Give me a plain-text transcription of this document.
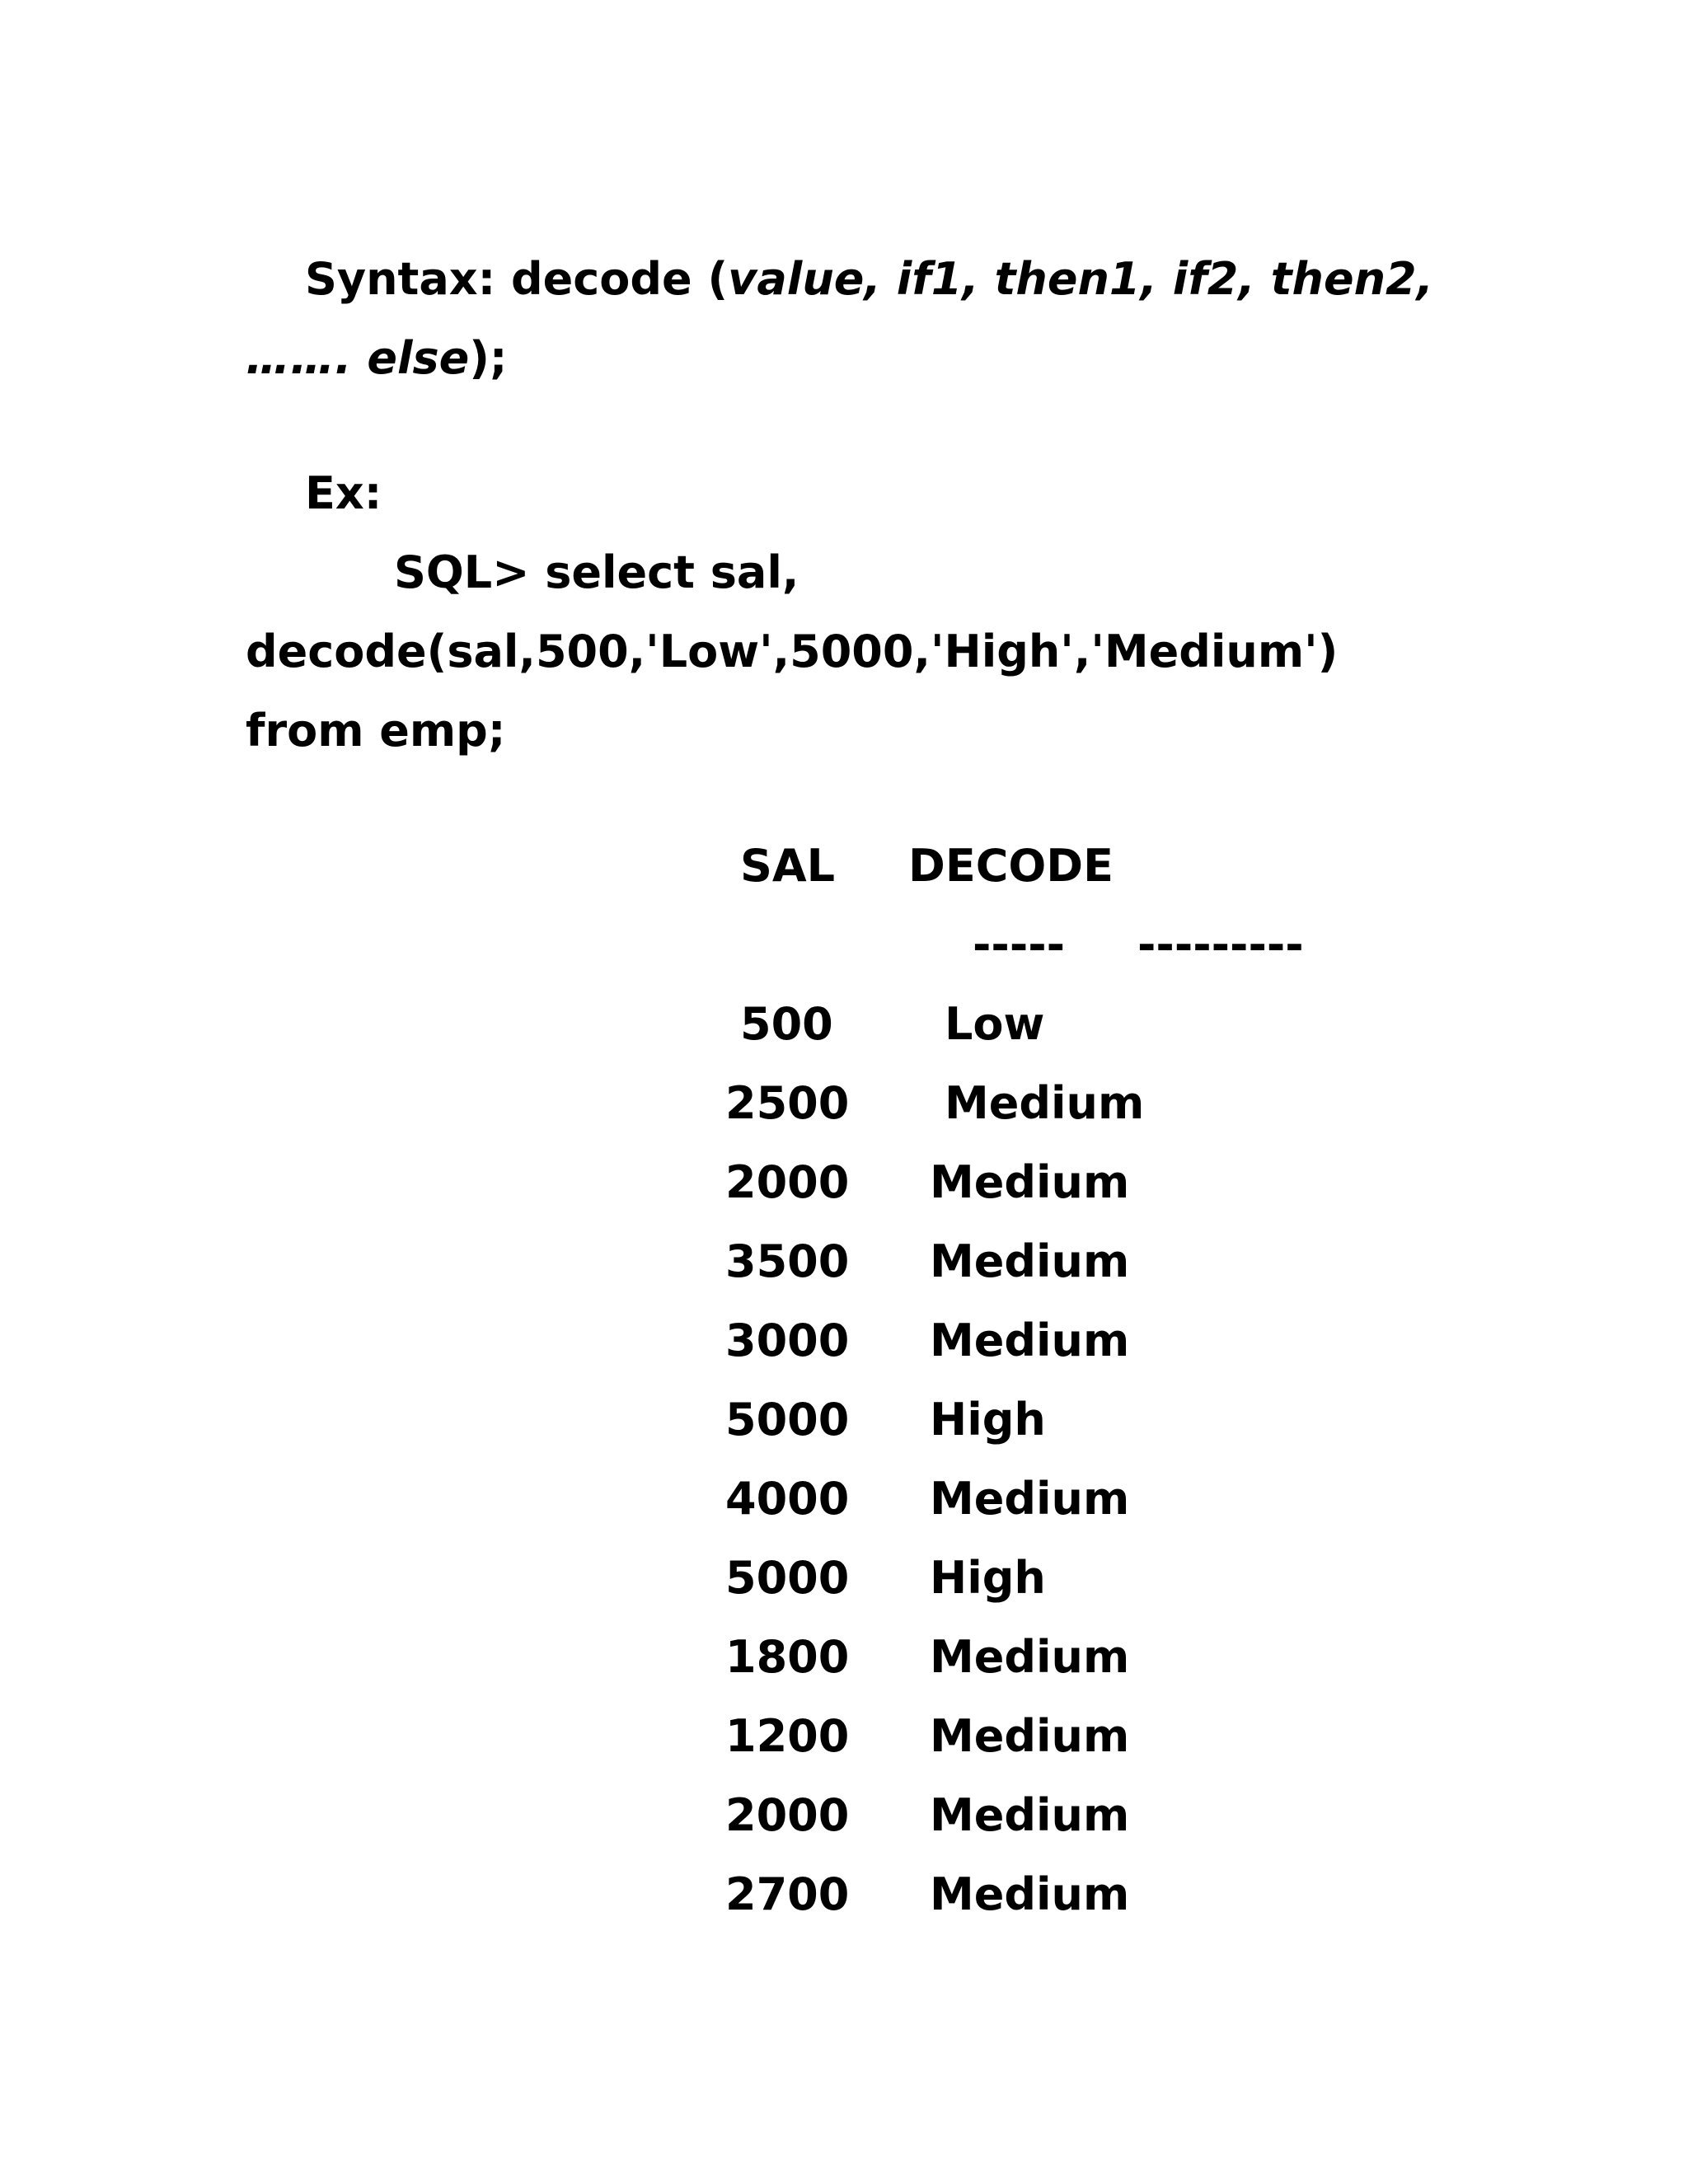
Syntax: decode (value, if1, then1, if2, then2,
……. else);
Ex:
SQL> select sal,
decode(sal,500,'Low',5000,'High','Medium')
from emp;
SAL DECODE
----- ---------
500	Low
2500 Medium
2000 Medium
3500 Medium
3000 Medium
5000 High
4000 Medium
5000 High
1800 Medium
1200 Medium
2000 Medium
2700 Medium
